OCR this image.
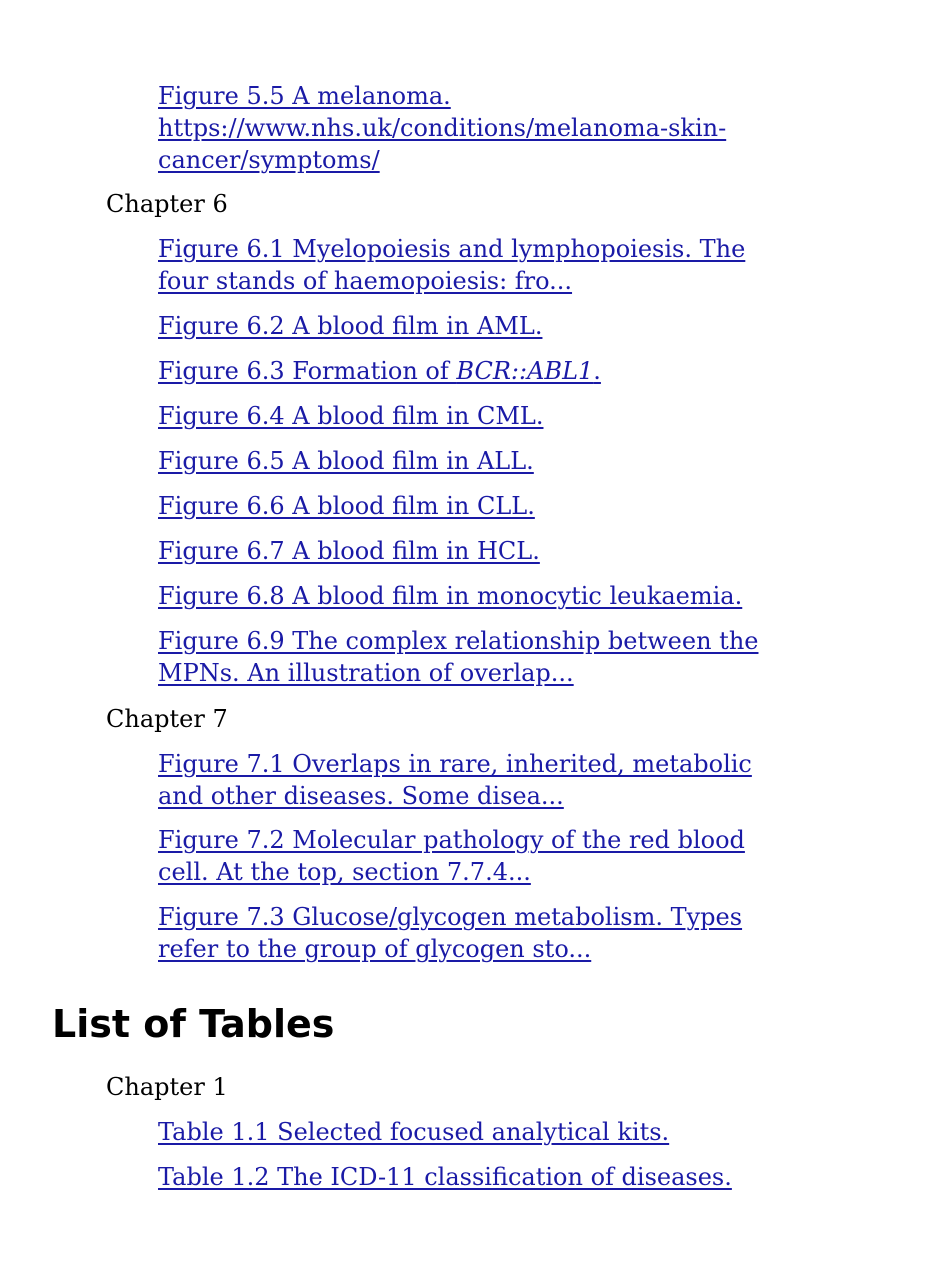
Figure 5.5 A melanoma.
https://www.nhs.uk/conditions/melanoma-skin-
cancer/symptoms/

Chapter 6

Figure 6.1 Myelopoiesis and lymphopoiesis. The
four stands of haemopoiesis: fro...

Figure 6.2 A blood film in AML.

Figure 6.3 Formation of BCR::ABL1.

Figure 6.4 A blood film in CML.

Figure 6.5 A blood film in ALL.

Figure 6.6 A blood film in CLL.

Figure 6.7 A blood film in HCL.

Figure 6.8 A blood film in monocytic leukaemia.

Figure 6.9 The complex relationship between the
MPNs. An illustration of overlap...

Chapter 7

Figure 7.1 Overlaps in rare, inherited, metabolic
and other diseases. Some disea...

Figure 7.2 Molecular pathology of the red blood
cell. At the top, section 7.7.4...

Figure 7.3 Glucose/glycogen metabolism. Types
refer to the group of glycogen sto...

List of Tables

Chapter 1

Table 1.1 Selected focused analytical kits.

Table 1.2 The ICD-11 classification of diseases.
